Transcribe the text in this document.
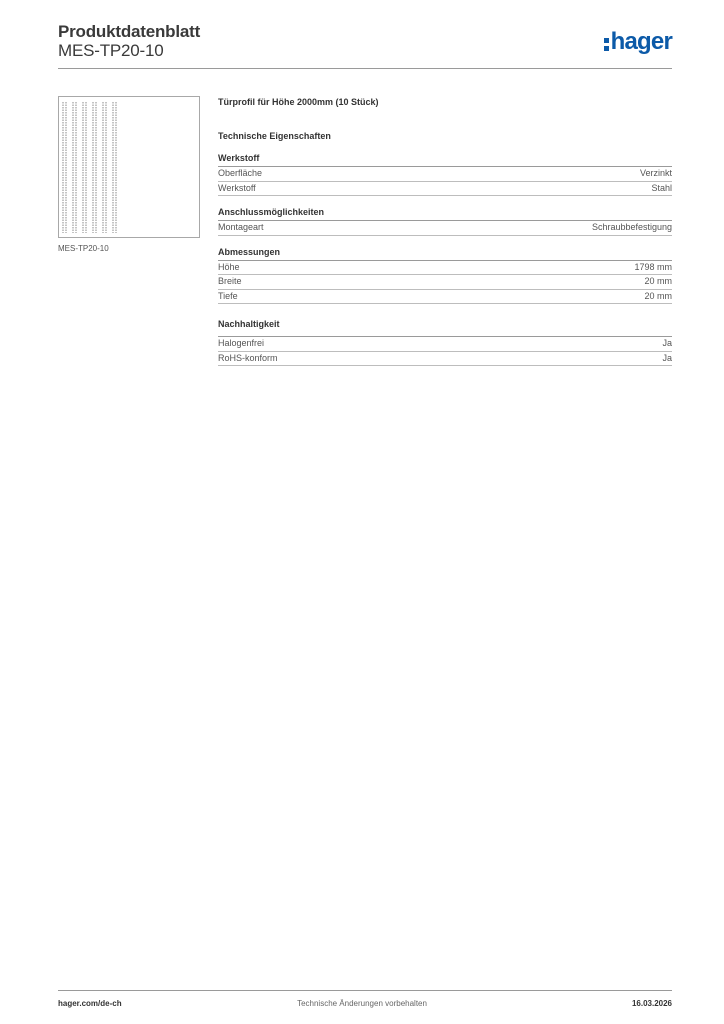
Produktdatenblatt
MES-TP20-10	hager
MES-TP20-10
Türprofil für Höhe 2000mm (10 Stück)
Technische Eigenschaften
Werkstoff
Oberfläche	Verzinkt
Werkstoff	Stahl
Anschlussmöglichkeiten
Montageart	Schraubbefestigung
Abmessungen
Höhe	1798 mm
Breite	20 mm
Tiefe	20 mm
Nachhaltigkeit
Halogenfrei	Ja
RoHS-konform	Ja
hager.com/de-ch	Technische Änderungen vorbehalten	16.03.2026
